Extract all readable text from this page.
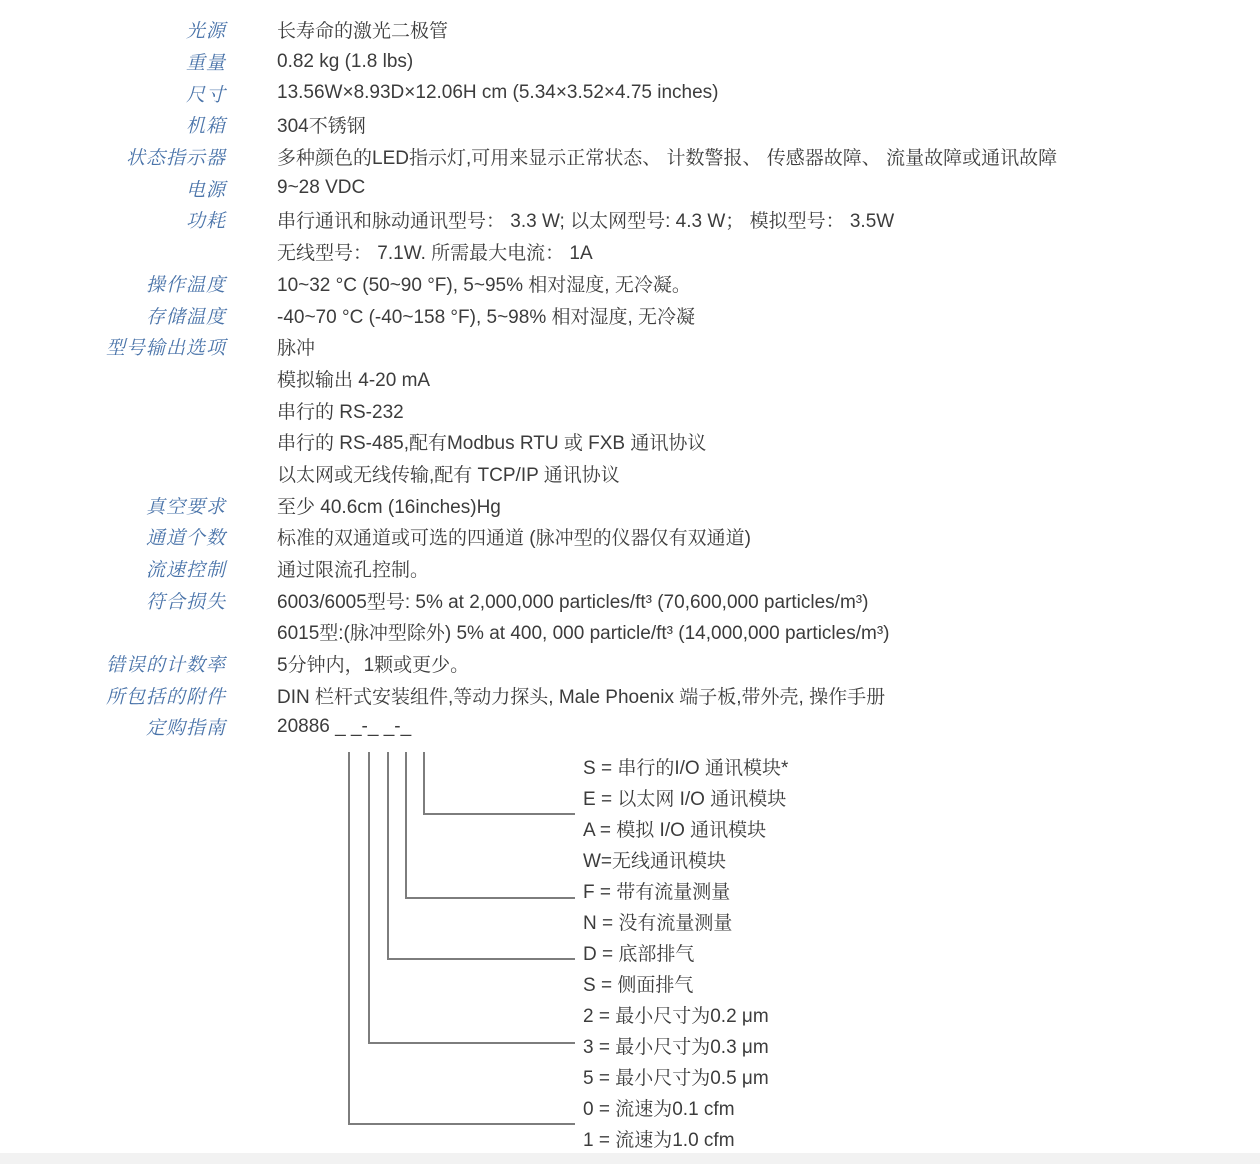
光源	长寿命的激光二极管
重量	0.82 kg (1.8 lbs)
尺寸	13.56W×8.93D×12.06H cm (5.34×3.52×4.75 inches)
机箱	304不锈钢
状态指示器	多种颜色的LED指示灯,可用来显示正常状态、 计数警报、 传感器故障、 流量故障或通讯故障
电源	9~28 VDC
功耗	串行通讯和脉动通讯型号： 3.3 W; 以太网型号: 4.3 W； 模拟型号： 3.5W
无线型号： 7.1W. 所需最大电流： 1A
操作温度	10~32 °C (50~90 °F), 5~95% 相对湿度, 无冷凝。
存储温度	-40~70 °C (-40~158 °F), 5~98% 相对湿度, 无冷凝
型号输出选项	脉冲
模拟输出 4-20 mA
串行的 RS-232
串行的 RS-485,配有Modbus RTU 或 FXB 通讯协议
以太网或无线传输,配有 TCP/IP 通讯协议
真空要求	至少 40.6cm (16inches)Hg
通道个数	标准的双通道或可选的四通道 (脉冲型的仪器仅有双通道)
流速控制	通过限流孔控制。
符合损失	6003/6005型号: 5% at 2,000,000 particles/ft³ (70,600,000 particles/m³)
6015型:(脉冲型除外) 5% at 400, 000 particle/ft³ (14,000,000 particles/m³)
错误的计数率	5分钟内，1颗或更少。
所包括的附件	DIN 栏杆式安装组件,等动力探头, Male Phoenix 端子板,带外壳, 操作手册
定购指南	20886 _ _-_ _-_
S = 串行的I/O 通讯模块*
E = 以太网 I/O 通讯模块
A = 模拟 I/O 通讯模块
W=无线通讯模块
F = 带有流量测量
N = 没有流量测量
D = 底部排气
S = 侧面排气
2 = 最小尺寸为0.2 μm
3 = 最小尺寸为0.3 μm
5 = 最小尺寸为0.5 μm
0 = 流速为0.1 cfm
1 = 流速为1.0 cfm
